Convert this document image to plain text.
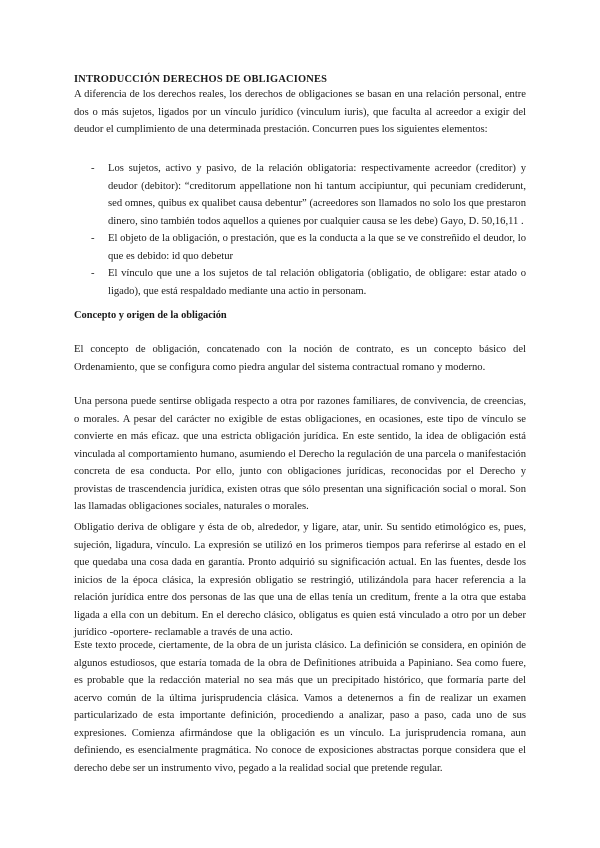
INTRODUCCIÓN DERECHOS DE OBLIGACIONES

A diferencia de los derechos reales, los derechos de obligaciones se basan en una relación personal, entre dos o más sujetos, ligados por un vínculo jurídico (vinculum iuris), que faculta al acreedor a exigir del deudor el cumplimiento de una determinada prestación. Concurren pues los siguientes elementos:

- Los sujetos, activo y pasivo, de la relación obligatoria: respectivamente acreedor (creditor) y deudor (debitor): “creditorum appellatione non hi tantum accipiuntur, qui pecuniam crediderunt, sed omnes, quibus ex qualibet causa debentur” (acreedores son llamados no solo los que prestaron dinero, sino también todos aquellos a quienes por cualquier causa se les debe) Gayo, D. 50,16,11 .
- El objeto de la obligación, o prestación, que es la conducta a la que se ve constreñido el deudor, lo que es debido: id quo debetur
- El vínculo que une a los sujetos de tal relación obligatoria (obligatio, de obligare: estar atado o ligado), que está respaldado mediante una actio in personam.

Concepto y origen de la obligación

El concepto de obligación, concatenado con la noción de contrato, es un concepto básico del Ordenamiento, que se configura como piedra angular del sistema contractual romano y moderno.

Una persona puede sentirse obligada respecto a otra por razones familiares, de convivencia, de creencias, o morales. A pesar del carácter no exigible de estas obligaciones, en ocasiones, este tipo de vínculo se convierte en más eficaz. que una estricta obligación jurídica. En este sentido, la idea de obligación está vinculada al comportamiento humano, asumiendo el Derecho la regulación de una parcela o manifestación concreta de esa conducta. Por ello, junto con obligaciones jurídicas, reconocidas por el Derecho y provistas de trascendencia jurídica, existen otras que sólo presentan una significación social o moral. Son las llamadas obligaciones sociales, naturales o morales.

Obligatio deriva de obligare y ésta de ob, alrededor, y ligare, atar, unir. Su sentido etimológico es, pues, sujeción, ligadura, vínculo. La expresión se utilizó en los primeros tiempos para referirse al estado en el que quedaba una cosa dada en garantía. Pronto adquirió su significación actual. En las fuentes, desde los inicios de la época clásica, la expresión obligatio se restringió, utilizándola para hacer referencia a la relación jurídica entre dos personas de las que una de ellas tenía un creditum, frente a la otra que estaba ligada a ella con un debitum. En el derecho clásico, obligatus es quien está vinculado a otro por un deber jurídico -oportere- reclamable a través de una actio.

Este texto procede, ciertamente, de la obra de un jurista clásico. La definición se considera, en opinión de algunos estudiosos, que estaría tomada de la obra de Definitiones atribuida a Papiniano. Sea como fuere, es probable que la redacción material no sea más que un precipitado histórico, que formaría parte del acervo común de la última jurisprudencia clásica. Vamos a detenernos a fin de realizar un examen particularizado de esta importante definición, procediendo a analizar, paso a paso, cada uno de sus expresiones. Comienza afirmándose que la obligación es un vínculo. La jurisprudencia romana, aun definiendo, es esencialmente pragmática. No conoce de exposiciones abstractas porque considera que el derecho debe ser un instrumento vivo, pegado a la realidad social que pretende regular.
